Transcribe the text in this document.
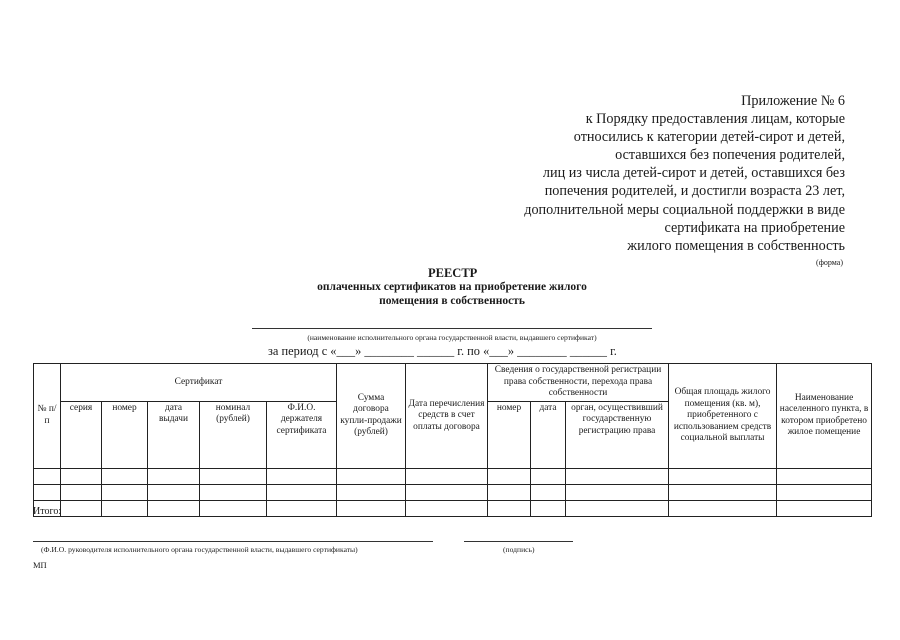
Приложение № 6
к Порядку предоставления лицам, которые
относились к категории детей-сирот и детей,
оставшихся без попечения родителей,
лиц из числа детей-сирот и детей, оставшихся без
попечения родителей, и достигли возраста 23 лет,
дополнительной меры социальной поддержки в виде
сертификата на приобретение
жилого помещения в собственность
(форма)
РЕЕСТР
оплаченных сертификатов на приобретение жилого
помещения в собственность
(наименование исполнительного органа государственной власти, выдавшего сертификат)
за период с «___» ________ ______ г. по «___» ________ ______ г.
№ п/п	Сертификат					Сумма договора купли-продажи (рублей)	Дата перечисления средств в счет оплаты договора	Сведения о государственной регистрации права собственности, перехода права собственности			Общая площадь жилого помещения (кв. м), приобретенного с использованием средств социальной выплаты	Наименование населенного пункта, в котором приобретено жилое помещение
	серия	номер	дата выдачи	номинал (рублей)	Ф.И.О. держателя сертификата			номер	дата	орган, осуществивший государственную регистрацию права		

Итого:
(Ф.И.О. руководителя исполнительного органа государственной власти, выдавшего сертификаты)	(подпись)
МП
